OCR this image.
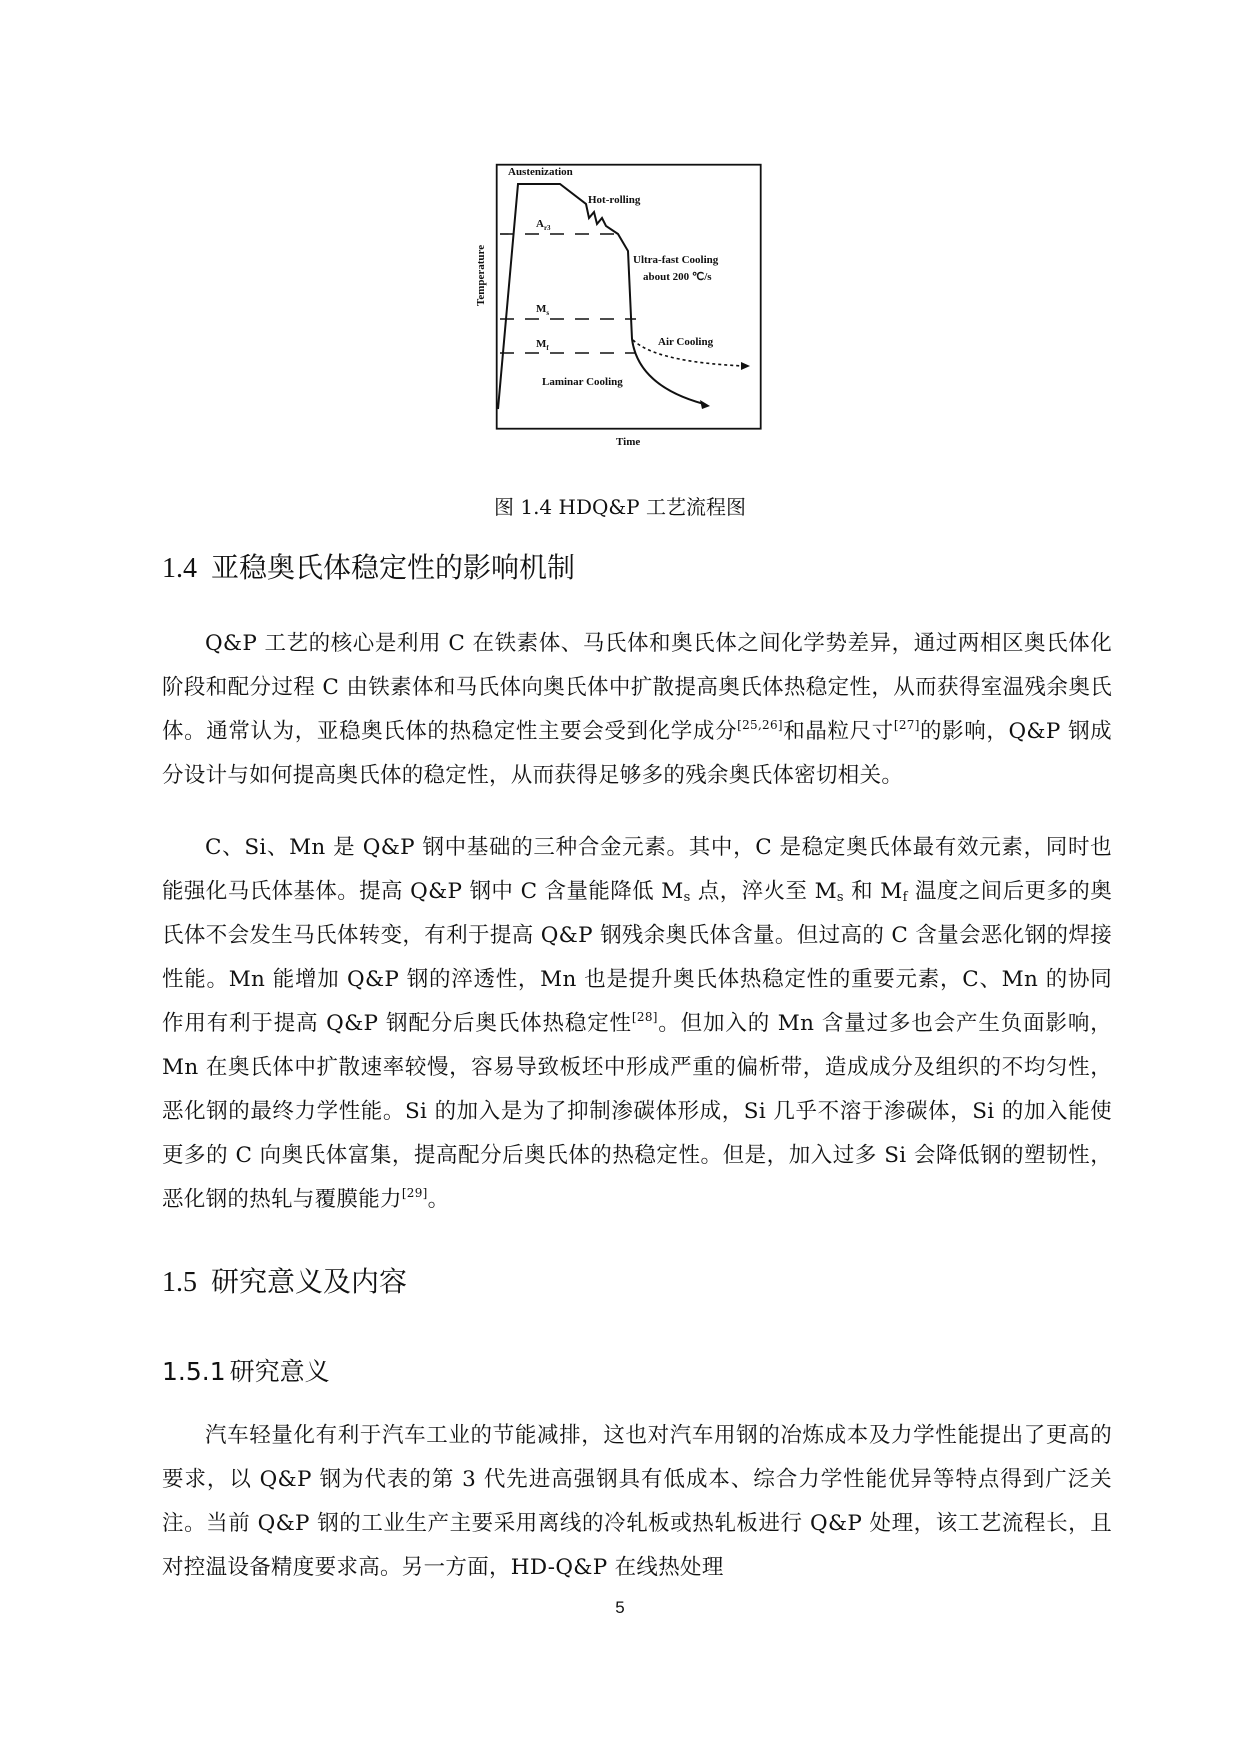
Austenization
Hot-rolling
$A_{r3}$
Ultra-fast Cooling
about 200 ℃/s
$M_s$
$M_f$	Air Cooling
Laminar Cooling
Temperature
Time
图 1.4 HDQ&P 工艺流程图
1.4 亚稳奥氏体稳定性的影响机制

Q&P 工艺的核心是利用 C 在铁素体、马氏体和奥氏体之间化学势差异，通过两相区奥氏体化阶段和配分过程 C 由铁素体和马氏体向奥氏体中扩散提高奥氏体热稳定性，从而获得室温残余奥氏体。通常认为，亚稳奥氏体的热稳定性主要会受到化学成分[25,26]和晶粒尺寸[27]的影响，Q&P 钢成分设计与如何提高奥氏体的稳定性，从而获得足够多的残余奥氏体密切相关。

C、Si、Mn 是 Q&P 钢中基础的三种合金元素。其中，C 是稳定奥氏体最有效元素，同时也能强化马氏体基体。提高 Q&P 钢中 C 含量能降低 $M_s$ 点，淬火至 $M_s$ 和 $M_f$ 温度之间后更多的奥氏体不会发生马氏体转变，有利于提高 Q&P 钢残余奥氏体含量。但过高的 C 含量会恶化钢的焊接性能。Mn 能增加 Q&P 钢的淬透性，Mn 也是提升奥氏体热稳定性的重要元素，C、Mn 的协同作用有利于提高 Q&P 钢配分后奥氏体热稳定性[28]。但加入的 Mn 含量过多也会产生负面影响， Mn 在奥氏体中扩散速率较慢，容易导致板坯中形成严重的偏析带，造成成分及组织的不均匀性，恶化钢的最终力学性能。Si 的加入是为了抑制渗碳体形成，Si 几乎不溶于渗碳体，Si 的加入能使更多的 C 向奥氏体富集，提高配分后奥氏体的热稳定性。但是，加入过多 Si 会降低钢的塑韧性，恶化钢的热轧与覆膜能力[29]。

1.5 研究意义及内容
1.5.1 研究意义

汽车轻量化有利于汽车工业的节能减排，这也对汽车用钢的冶炼成本及力学性能提出了更高的要求，以 Q&P 钢为代表的第 3 代先进高强钢具有低成本、综合力学性能优异等特点得到广泛关注。当前 Q&P 钢的工业生产主要采用离线的冷轧板或热轧板进行 Q&P 处理，该工艺流程长，且对控温设备精度要求高。另一方面，HD-Q&P 在线热处理

5
